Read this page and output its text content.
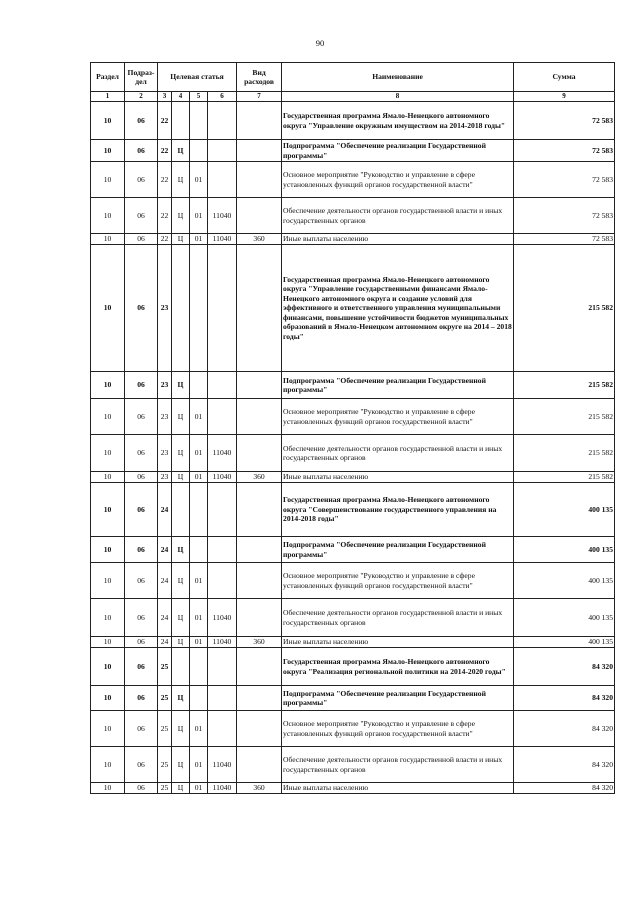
90
Раздел	Подраз-дел	Целевая статья				Вид расходов	Наименование	Сумма
1	2	3	4	5	6	7	8	9
10	06	22					Государственная программа Ямало-Ненецкого автономного округа "Управление окружным имуществом на 2014-2018 годы"	72 583
10	06	22	Ц				Подпрограмма "Обеспечение реализации Государственной программы"	72 583
10	06	22	Ц	01			Основное мероприятие "Руководство и управление в сфере установленных функций органов государственной власти"	72 583
10	06	22	Ц	01	11040		Обеспечение деятельности органов государственной власти и иных государственных органов	72 583
10	06	22	Ц	01	11040	360	Иные выплаты населению	72 583
10	06	23					Государственная программа Ямало-Ненецкого автономного округа "Управление государственными финансами Ямало-Ненецкого автономного округа и создание условий для эффективного и ответственного управления муниципальными финансами, повышение устойчивости бюджетов муниципальных образований в Ямало-Ненецком автономном округе на 2014 – 2018 годы"	215 582
10	06	23	Ц				Подпрограмма "Обеспечение реализации Государственной программы"	215 582
10	06	23	Ц	01			Основное мероприятие "Руководство и управление в сфере установленных функций органов государственной власти"	215 582
10	06	23	Ц	01	11040		Обеспечение деятельности органов государственной власти и иных государственных органов	215 582
10	06	23	Ц	01	11040	360	Иные выплаты населению	215 582
10	06	24					Государственная программа Ямало-Ненецкого автономного округа "Совершенствование государственного управления на 2014-2018 годы"	400 135
10	06	24	Ц				Подпрограмма "Обеспечение реализации Государственной программы"	400 135
10	06	24	Ц	01			Основное мероприятие "Руководство и управление в сфере установленных функций органов государственной власти"	400 135
10	06	24	Ц	01	11040		Обеспечение деятельности органов государственной власти и иных государственных органов	400 135
10	06	24	Ц	01	11040	360	Иные выплаты населению	400 135
10	06	25					Государственная программа Ямало-Ненецкого автономного округа "Реализация региональной политики на 2014-2020 годы"	84 320
10	06	25	Ц				Подпрограмма "Обеспечение реализации Государственной программы"	84 320
10	06	25	Ц	01			Основное мероприятие "Руководство и управление в сфере установленных функций органов государственной власти"	84 320
10	06	25	Ц	01	11040		Обеспечение деятельности органов государственной власти и иных государственных органов	84 320
10	06	25	Ц	01	11040	360	Иные выплаты населению	84 320
